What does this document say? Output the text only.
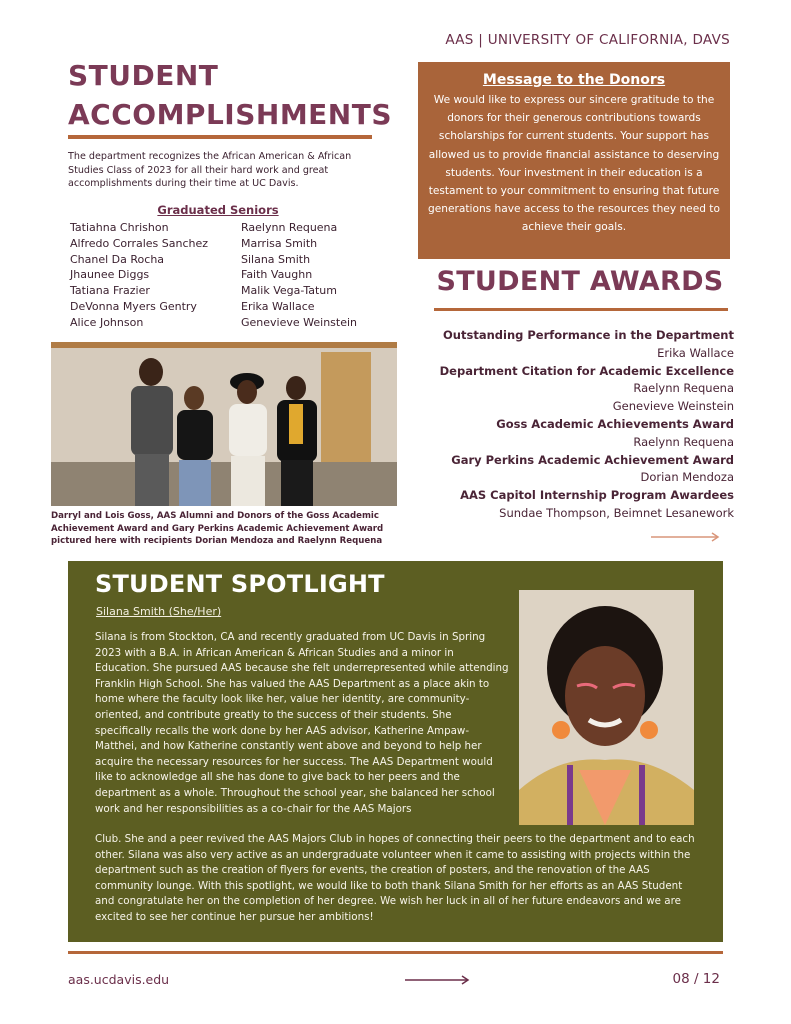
AAS | UNIVERSITY OF CALIFORNIA, DAVS
STUDENT ACCOMPLISHMENTS
The department recognizes the African American & African Studies Class of 2023 for all their hard work and great accomplishments during their time at UC Davis.
Graduated Seniors
Tatiahna Chrishon
Alfredo Corrales Sanchez
Chanel Da Rocha
Jhaunee Diggs
Tatiana Frazier
DeVonna Myers Gentry
Alice Johnson
Raelynn Requena
Marrisa Smith
Silana Smith
Faith Vaughn
Malik Vega-Tatum
Erika Wallace
Genevieve Weinstein
Darryl and Lois Goss, AAS Alumni and Donors of the Goss Academic Achievement Award and Gary Perkins Academic Achievement Award pictured here with recipients Dorian Mendoza and Raelynn Requena
Message to the Donors
We would like to express our sincere gratitude to the donors for their generous contributions towards scholarships for current students. Your support has allowed us to provide financial assistance to deserving students. Your investment in their education is a testament to your commitment to ensuring that future generations have access to the resources they need to achieve their goals.
STUDENT AWARDS
Outstanding Performance in the Department
Erika Wallace
Department Citation for Academic Excellence
Raelynn Requena
Genevieve Weinstein
Goss Academic Achievements Award
Raelynn Requena
Gary Perkins Academic Achievement Award
Dorian Mendoza
AAS Capitol Internship Program Awardees
Sundae Thompson, Beimnet Lesanework
STUDENT SPOTLIGHT
Silana Smith (She/Her)
Silana is from Stockton, CA and recently graduated from UC Davis in Spring 2023 with a B.A. in African American & African Studies and a minor in Education. She pursued AAS because she felt underrepresented while attending Franklin High School. She has valued the AAS Department as a place akin to home where the faculty look like her, value her identity, are community-oriented, and contribute greatly to the success of their students. She specifically recalls the work done by her AAS advisor, Katherine Ampaw-Matthei, and how Katherine constantly went above and beyond to help her acquire the necessary resources for her success. The AAS Department would like to acknowledge all she has done to give back to her peers and the department as a whole. Throughout the school year, she balanced her school work and her responsibilities as a co-chair for the AAS Majors
Club. She and a peer revived the AAS Majors Club in hopes of connecting their peers to the department and to each other. Silana was also very active as an undergraduate volunteer when it came to assisting with projects within the department such as the creation of flyers for events, the creation of posters, and the renovation of the AAS community lounge. With this spotlight, we would like to both thank Silana Smith for her efforts as an AAS Student and congratulate her on the completion of her degree. We wish her luck in all of her future endeavors and we are excited to see her continue her pursue her ambitions!
aas.ucdavis.edu	08 / 12
